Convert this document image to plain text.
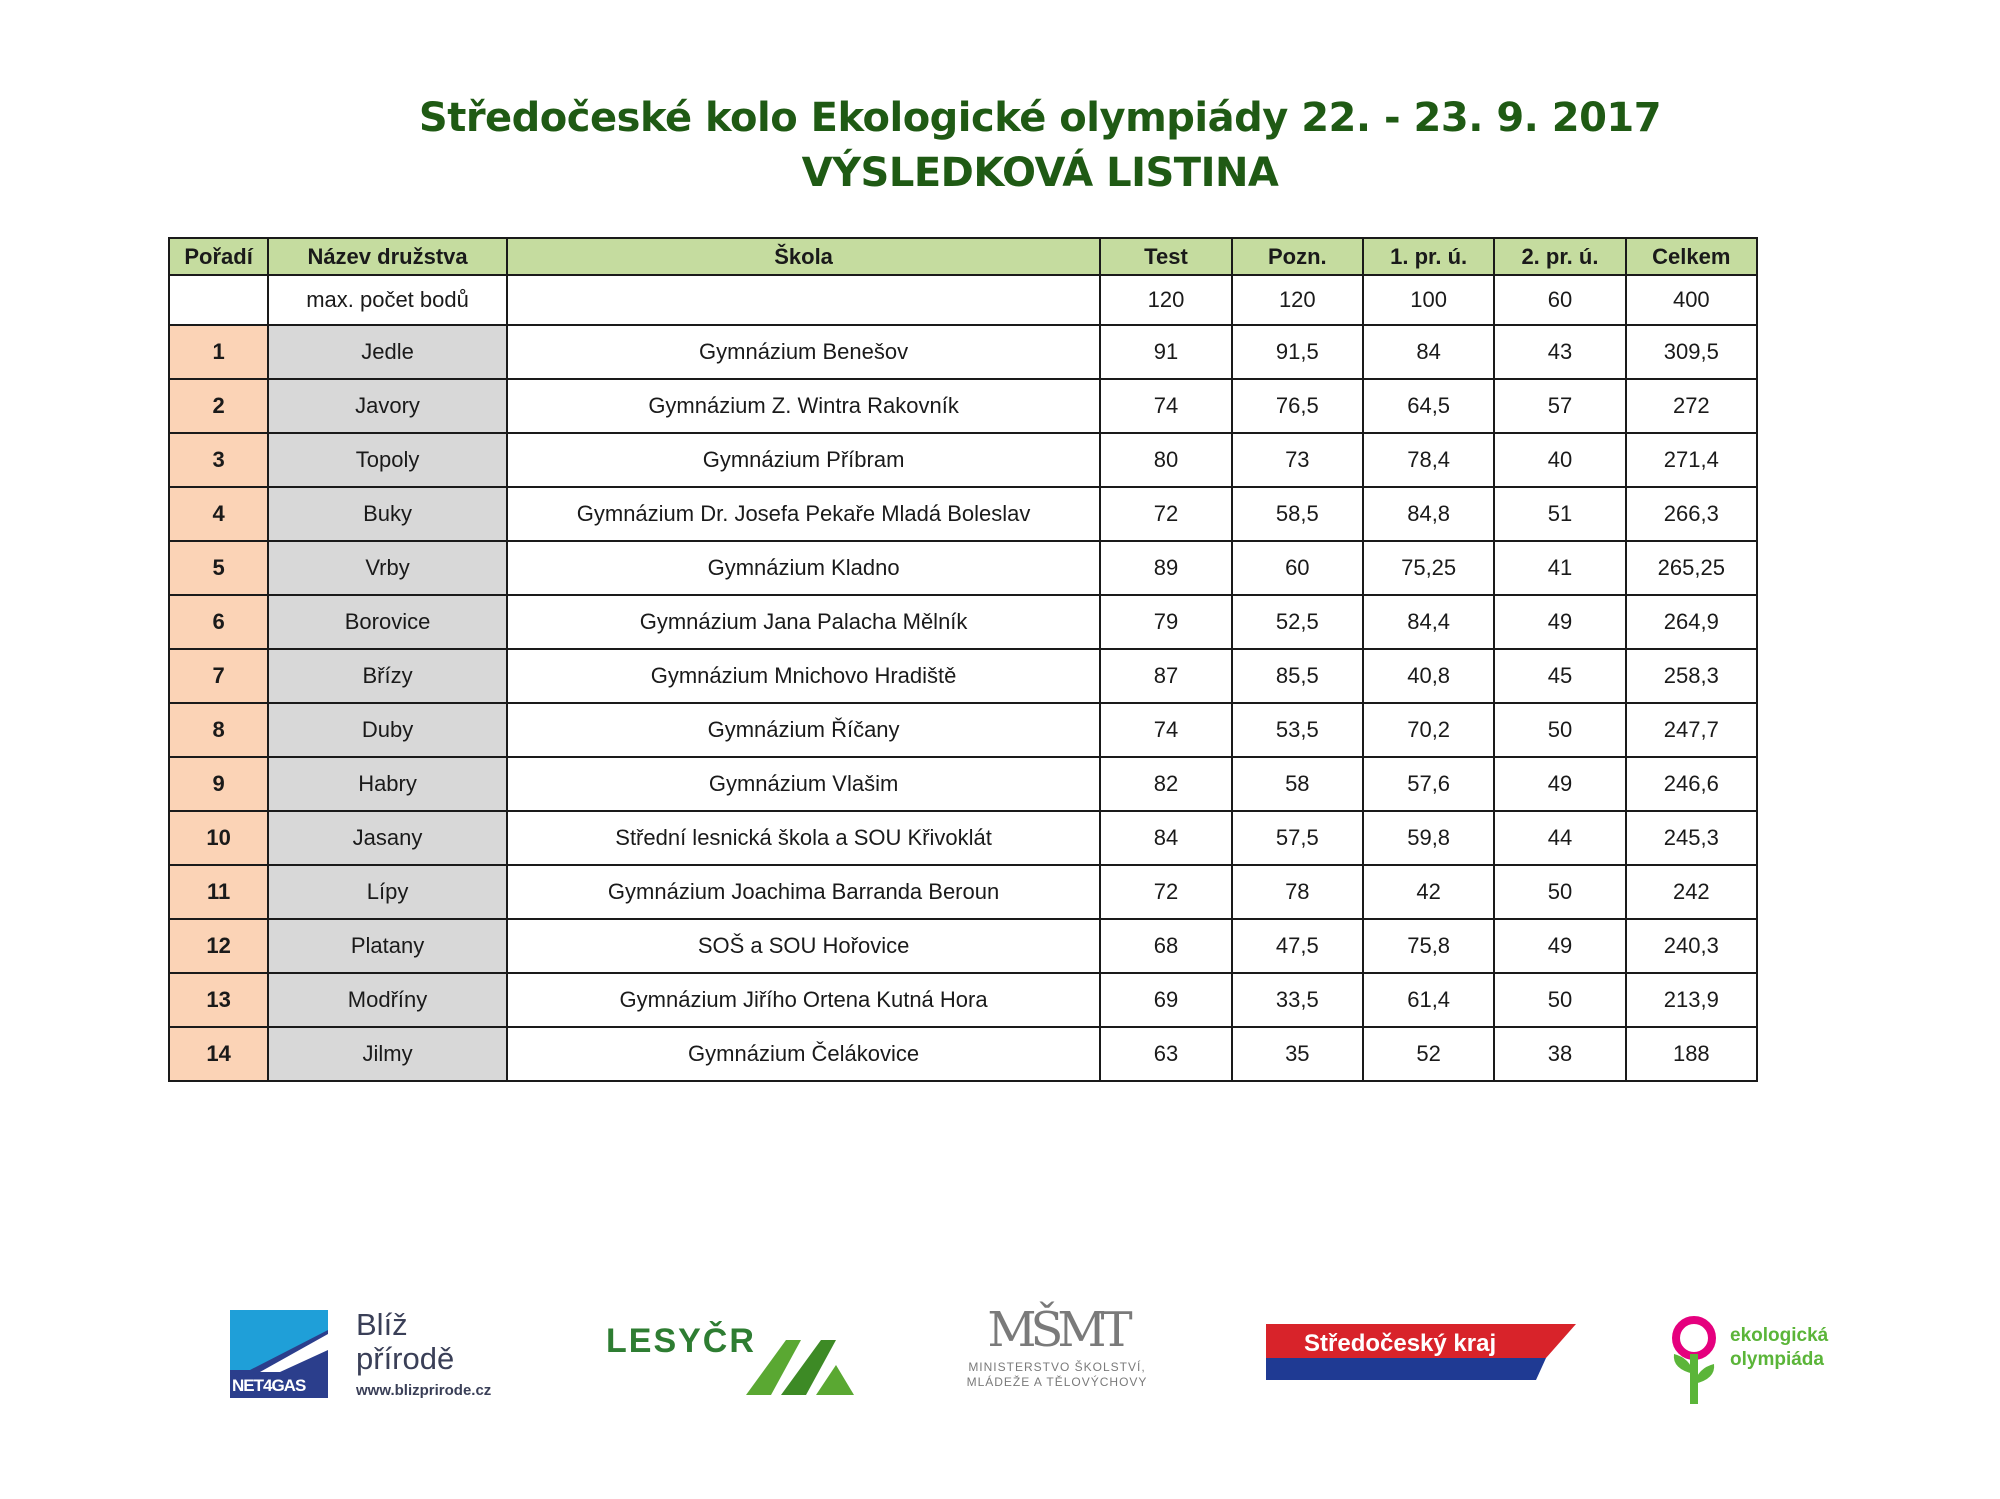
Středočeské kolo Ekologické olympiády 22. - 23. 9. 2017
VÝSLEDKOVÁ LISTINA
Pořadí	Název družstva	Škola	Test	Pozn.	1. pr. ú.	2. pr. ú.	Celkem
	max. počet bodů		120	120	100	60	400
1	Jedle	Gymnázium Benešov	91	91,5	84	43	309,5
2	Javory	Gymnázium Z. Wintra Rakovník	74	76,5	64,5	57	272
3	Topoly	Gymnázium Příbram	80	73	78,4	40	271,4
4	Buky	Gymnázium Dr. Josefa Pekaře Mladá Boleslav	72	58,5	84,8	51	266,3
5	Vrby	Gymnázium Kladno	89	60	75,25	41	265,25
6	Borovice	Gymnázium Jana Palacha Mělník	79	52,5	84,4	49	264,9
7	Břízy	Gymnázium Mnichovo Hradiště	87	85,5	40,8	45	258,3
8	Duby	Gymnázium Říčany	74	53,5	70,2	50	247,7
9	Habry	Gymnázium Vlašim	82	58	57,6	49	246,6
10	Jasany	Střední lesnická škola a SOU Křivoklát	84	57,5	59,8	44	245,3
11	Lípy	Gymnázium Joachima Barranda Beroun	72	78	42	50	242
12	Platany	SOŠ a SOU Hořovice	68	47,5	75,8	49	240,3
13	Modříny	Gymnázium Jiřího Ortena Kutná Hora	69	33,5	61,4	50	213,9
14	Jilmy	Gymnázium Čelákovice	63	35	52	38	188
NET4GAS
Blíž
přírodě
www.blizprirode.cz
LESYČR	MŠMT
MINISTERSTVO ŠKOLSTVÍ,
MLÁDEŽE A TĚLOVÝCHOVY
Středočeský kraj	ekologická
olympiáda
